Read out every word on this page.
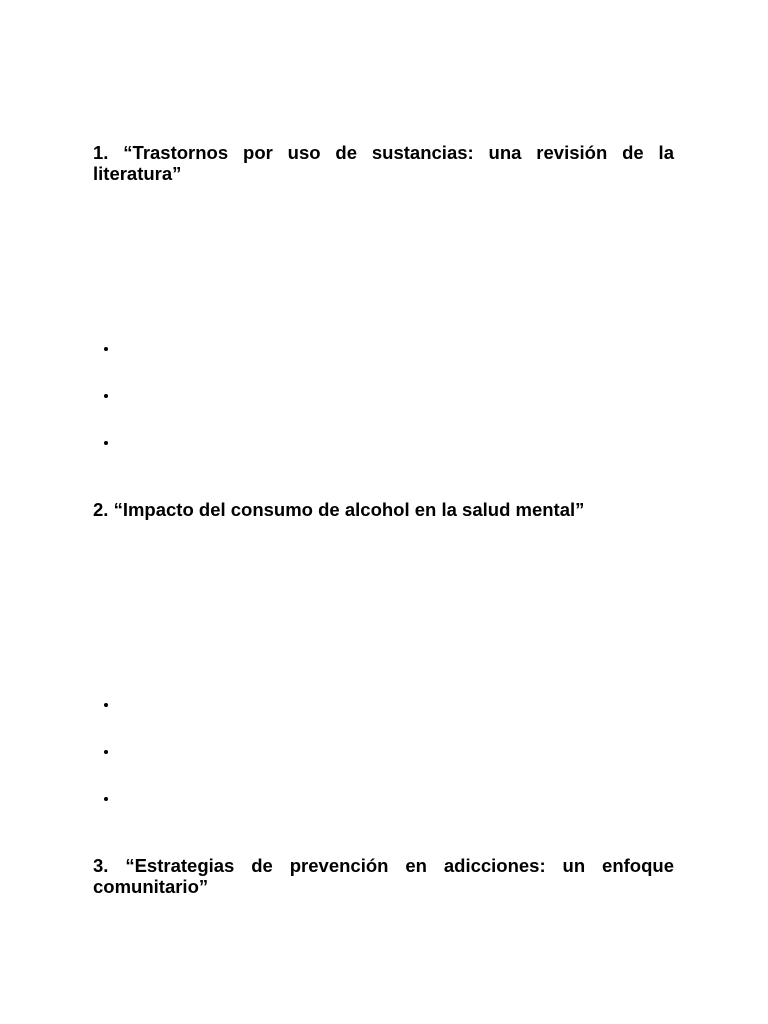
1. “Trastornos por uso de sustancias: una revisión de la literatura”

2. “Impacto del consumo de alcohol en la salud mental”

3. “Estrategias de prevención en adicciones: un enfoque comunitario”
